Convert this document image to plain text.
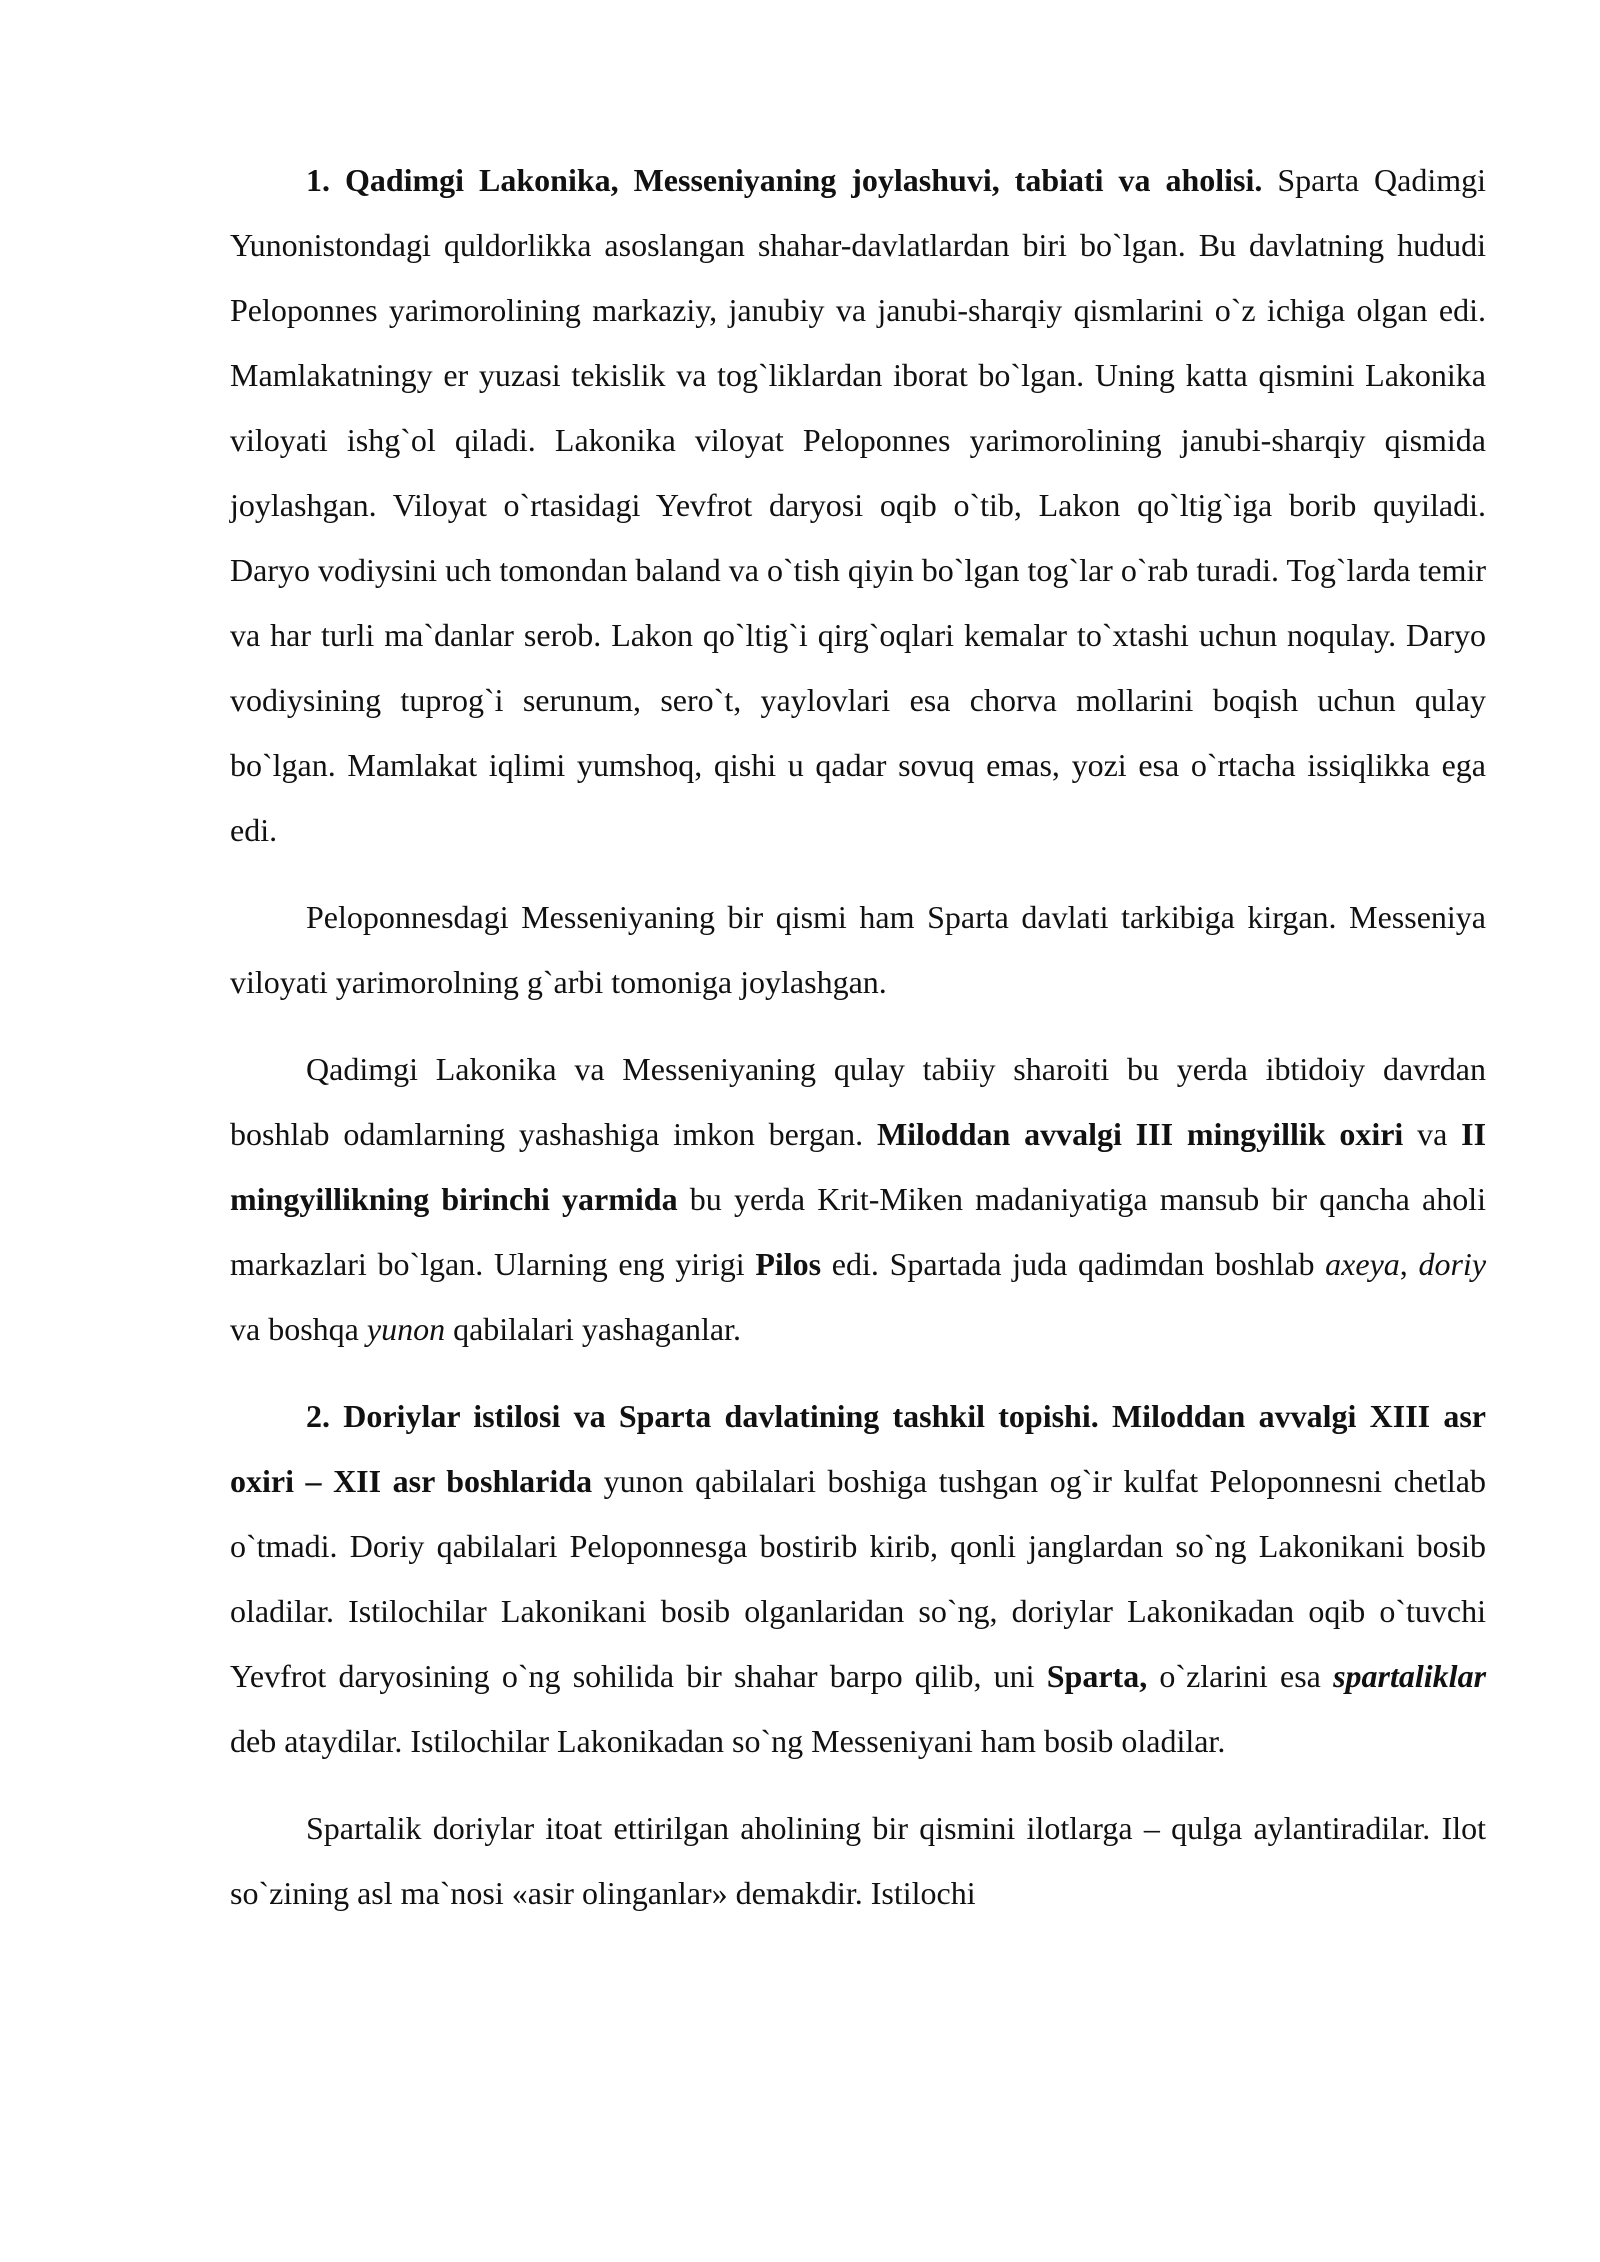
1. Qadimgi Lakonika, Messeniyaning joylashuvi, tabiati va aholisi. Sparta Qadimgi Yunonistondagi quldorlikka asoslangan shahar-davlatlardan biri bo`lgan. Bu davlatning hududi Peloponnes yarimorolining markaziy, janubiy va janubi-sharqiy qismlarini o`z ichiga olgan edi. Mamlakatningy er yuzasi tekislik va tog`liklardan iborat bo`lgan. Uning katta qismini Lakonika viloyati ishg`ol qiladi. Lakonika viloyat Peloponnes yarimorolining janubi-sharqiy qismida joylashgan. Viloyat o`rtasidagi Yevfrot daryosi oqib o`tib, Lakon qo`ltig`iga borib quyiladi. Daryo vodiysini uch tomondan baland va o`tish qiyin bo`lgan tog`lar o`rab turadi. Tog`larda temir va har turli ma`danlar serob. Lakon qo`ltig`i qirg`oqlari kemalar to`xtashi uchun noqulay. Daryo vodiysining tuprog`i serunum, sero`t, yaylovlari esa chorva mollarini boqish uchun qulay bo`lgan. Mamlakat iqlimi yumshoq, qishi u qadar sovuq emas, yozi esa o`rtacha issiqlikka ega edi.

Peloponnesdagi Messeniyaning bir qismi ham Sparta davlati tarkibiga kirgan. Messeniya viloyati yarimorolning g`arbi tomoniga joylashgan.

Qadimgi Lakonika va Messeniyaning qulay tabiiy sharoiti bu yerda ibtidoiy davrdan boshlab odamlarning yashashiga imkon bergan. Miloddan avvalgi III mingyillik oxiri va II mingyillikning birinchi yarmida bu yerda Krit-Miken madaniyatiga mansub bir qancha aholi markazlari bo`lgan. Ularning eng yirigi Pilos edi. Spartada juda qadimdan boshlab axeya, doriy va boshqa yunon qabilalari yashaganlar.

2. Doriylar istilosi va Sparta davlatining tashkil topishi. Miloddan avvalgi XIII asr oxiri – XII asr boshlarida yunon qabilalari boshiga tushgan og`ir kulfat Peloponnesni chetlab o`tmadi. Doriy qabilalari Peloponnesga bostirib kirib, qonli janglardan so`ng Lakonikani bosib oladilar. Istilochilar Lakonikani bosib olganlaridan so`ng, doriylar Lakonikadan oqib o`tuvchi Yevfrot daryosining o`ng sohilida bir shahar barpo qilib, uni Sparta, o`zlarini esa spartaliklar deb ataydilar. Istilochilar Lakonikadan so`ng Messeniyani ham bosib oladilar.

Spartalik doriylar itoat ettirilgan aholining bir qismini ilotlarga – qulga aylantiradilar. Ilot so`zining asl ma`nosi «asir olinganlar» demakdir. Istilochi
